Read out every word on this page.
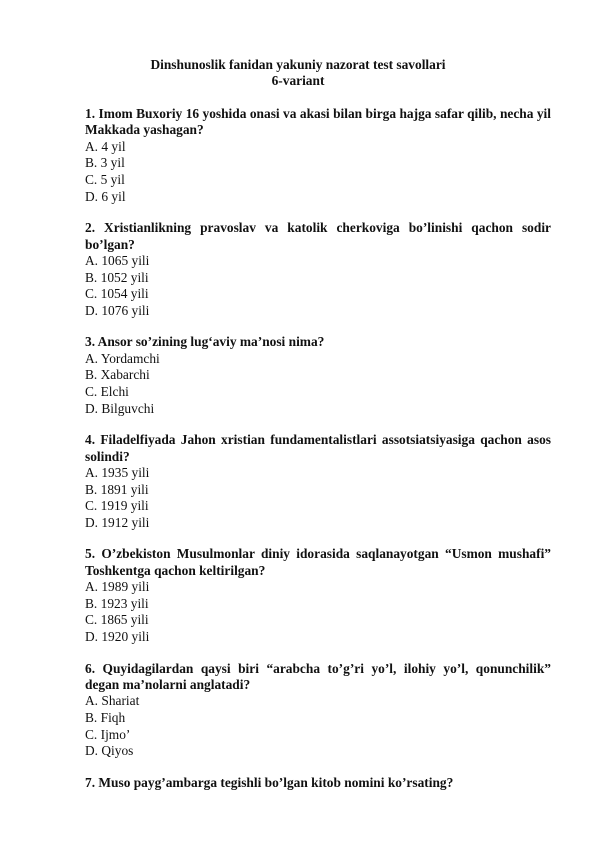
Dinshunoslik fanidan yakuniy nazorat test savollari
6-variant
1. Imom Buxoriy 16 yoshida onasi va akasi bilan birga hajga safar qilib, necha yil Makkada yashagan?
A. 4 yil
B. 3 yil
C. 5 yil
D. 6 yil
2. Xristianlikning pravoslav va katolik cherkoviga bo’linishi qachon sodir bo’lgan?
A. 1065 yili
B. 1052 yili
C. 1054 yili
D. 1076 yili
3. Ansor so’zining lug‘aviy ma’nosi nima?
A. Yordamchi
B. Xabarchi
C. Elchi
D. Bilguvchi
4. Filadelfiyada Jahon xristian fundamentalistlari assotsiatsiyasiga qachon asos solindi?
A. 1935 yili
B. 1891 yili
C. 1919 yili
D. 1912 yili
5. O’zbekiston Musulmonlar diniy idorasida saqlanayotgan “Usmon mushafi” Toshkentga qachon keltirilgan?
A. 1989 yili
B. 1923 yili
C. 1865 yili
D. 1920 yili
6. Quyidagilardan qaysi biri “arabcha to’g’ri yo’l, ilohiy yo’l, qonunchilik” degan ma’nolarni anglatadi?
A. Shariat
B. Fiqh
C. Ijmo’
D. Qiyos
7. Muso payg’ambarga tegishli bo’lgan kitob nomini ko’rsating?
